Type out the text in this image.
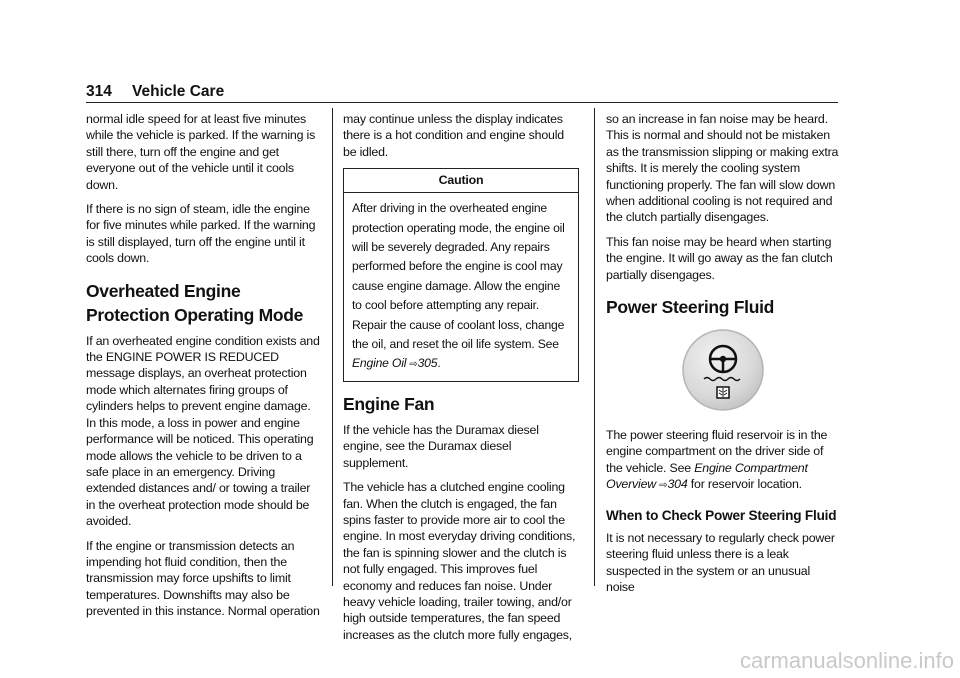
314 Vehicle Care

normal idle speed for at least five minutes while the vehicle is parked. If the warning is still there, turn off the engine and get everyone out of the vehicle until it cools down.

If there is no sign of steam, idle the engine for five minutes while parked. If the warning is still displayed, turn off the engine until it cools down.

Overheated Engine Protection Operating Mode

If an overheated engine condition exists and the ENGINE POWER IS REDUCED message displays, an overheat protection mode which alternates firing groups of cylinders helps to prevent engine damage. In this mode, a loss in power and engine performance will be noticed. This operating mode allows the vehicle to be driven to a safe place in an emergency. Driving extended distances and/ or towing a trailer in the overheat protection mode should be avoided.

If the engine or transmission detects an impending hot fluid condition, then the transmission may force upshifts to limit temperatures. Downshifts may also be prevented in this instance. Normal operation

may continue unless the display indicates there is a hot condition and engine should be idled.

Caution
After driving in the overheated engine protection operating mode, the engine oil will be severely degraded. Any repairs performed before the engine is cool may cause engine damage. Allow the engine to cool before attempting any repair. Repair the cause of coolant loss, change the oil, and reset the oil life system. See Engine Oil ⇨305.
Engine Fan

If the vehicle has the Duramax diesel engine, see the Duramax diesel supplement.

The vehicle has a clutched engine cooling fan. When the clutch is engaged, the fan spins faster to provide more air to cool the engine. In most everyday driving conditions, the fan is spinning slower and the clutch is not fully engaged. This improves fuel economy and reduces fan noise. Under heavy vehicle loading, trailer towing, and/or high outside temperatures, the fan speed increases as the clutch more fully engages,

so an increase in fan noise may be heard. This is normal and should not be mistaken as the transmission slipping or making extra shifts. It is merely the cooling system functioning properly. The fan will slow down when additional cooling is not required and the clutch partially disengages.

This fan noise may be heard when starting the engine. It will go away as the fan clutch partially disengages.

Power Steering Fluid

The power steering fluid reservoir is in the engine compartment on the driver side of the vehicle. See Engine Compartment Overview ⇨304 for reservoir location.

When to Check Power Steering Fluid

It is not necessary to regularly check power steering fluid unless there is a leak suspected in the system or an unusual noise

carmanualsonline.info
